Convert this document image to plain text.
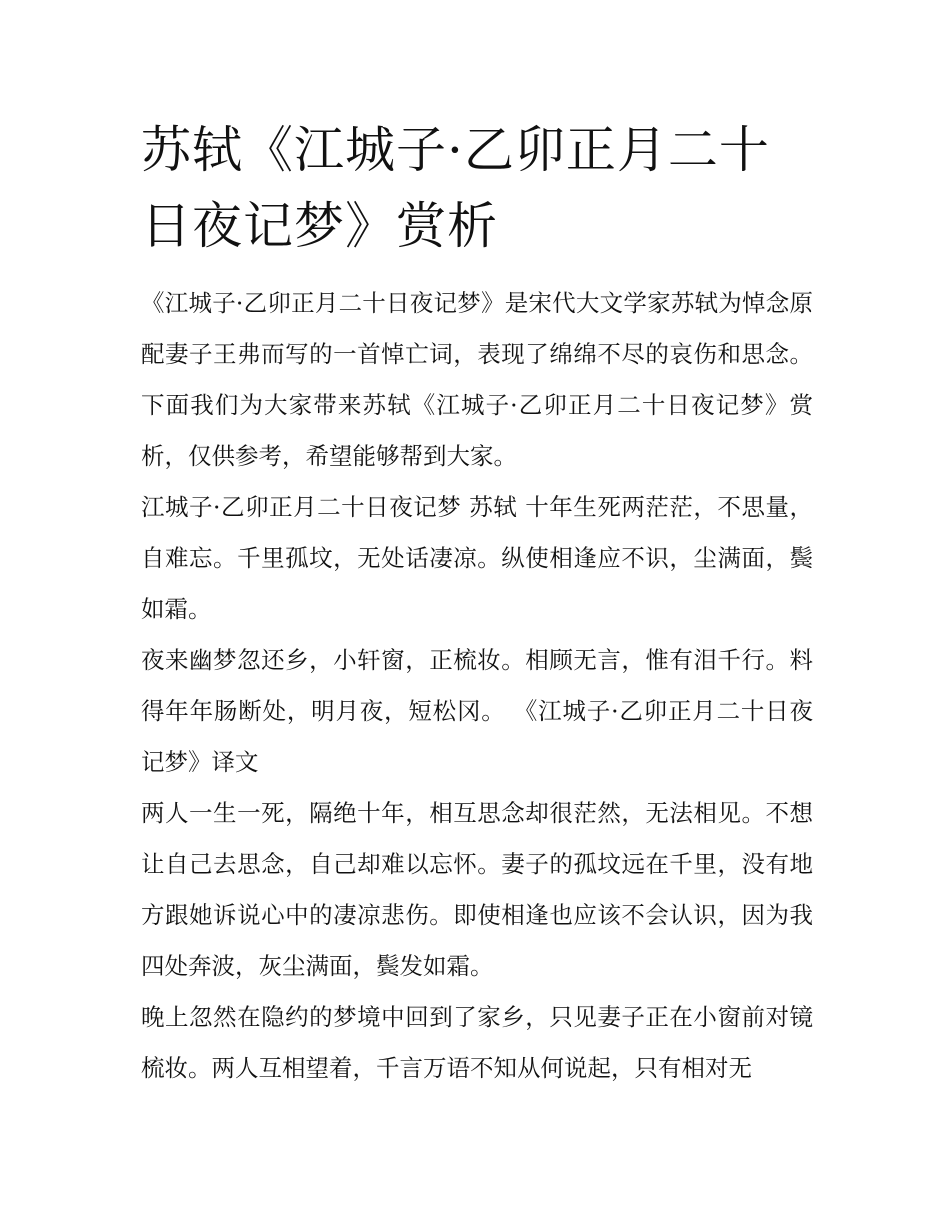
苏轼《江城子·乙卯正月二十日夜记梦》赏析

《江城子·乙卯正月二十日夜记梦》是宋代大文学家苏轼为悼念原配妻子王弗而写的一首悼亡词，表现了绵绵不尽的哀伤和思念。下面我们为大家带来苏轼《江城子·乙卯正月二十日夜记梦》赏析，仅供参考，希望能够帮到大家。

江城子·乙卯正月二十日夜记梦 苏轼 十年生死两茫茫，不思量，自难忘。千里孤坟，无处话凄凉。纵使相逢应不识，尘满面，鬓如霜。

夜来幽梦忽还乡，小轩窗，正梳妆。相顾无言，惟有泪千行。料得年年肠断处，明月夜，短松冈。 《江城子·乙卯正月二十日夜记梦》译文

两人一生一死，隔绝十年，相互思念却很茫然，无法相见。不想让自己去思念，自己却难以忘怀。妻子的孤坟远在千里，没有地方跟她诉说心中的凄凉悲伤。即使相逢也应该不会认识，因为我四处奔波，灰尘满面，鬓发如霜。

晚上忽然在隐约的梦境中回到了家乡，只见妻子正在小窗前对镜梳妆。两人互相望着，千言万语不知从何说起，只有相对无
